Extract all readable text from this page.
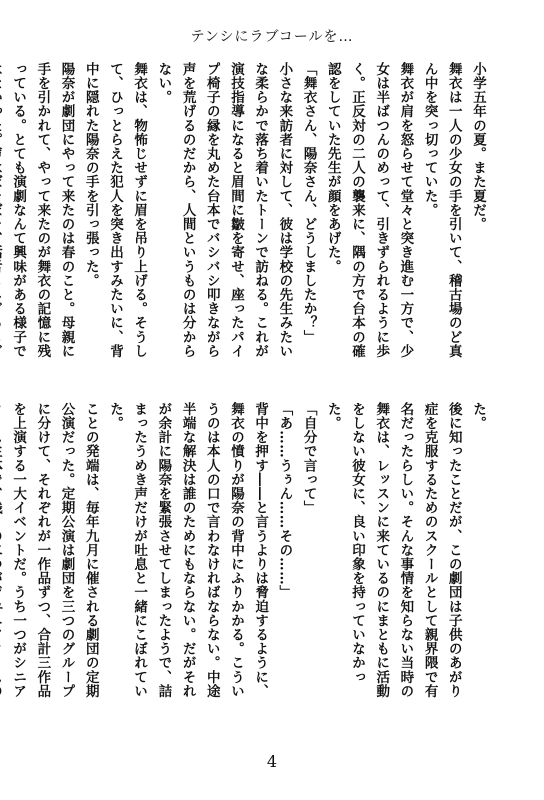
テンシにラブコールを…

小学五年の夏。また夏だ。

舞衣は一人の少女の手を引いて、稽古場のど真ん中を突っ切っていた。

舞衣が肩を怒らせて堂々と突き進む一方で、少女は半ばつんのめって、引きずられるように歩く。正反対の二人の襲来に、隅の方で台本の確認をしていた先生が顔をあげた。

「舞衣さん、陽奈さん、どうしましたか？」

小さな来訪者に対して、彼は学校の先生みたいな柔らかで落ち着いたトーンで訪ねる。これが演技指導になると眉間に皺を寄せ、座ったパイプ椅子の縁を丸めた台本でバシバシ叩きながら声を荒げるのだから、人間というものは分からない。

舞衣は、物怖じせずに眉を吊り上げる。そうして、ひっとらえた犯人を突き出すみたいに、背中に隠れた陽奈の手を引っ張った。

陽奈が劇団にやって来たのは春のこと。母親に手を引かれて、やって来たのが舞衣の記憶に残っている。とても演劇なんて興味がある様子で

た。

後に知ったことだが、この劇団は子供のあがり症を克服するためのスクールとして親界隈で有名だったらしい。そんな事情を知らない当時の舞衣は、レッスンに来ているのにまともに活動をしない彼女に、良い印象を持っていなかった。

「自分で言って」

「あ……うぅん……その……」

背中を押す――と言うよりは脅迫するように、舞衣の憤りが陽奈の背中にふりかかる。こういうのは本人の口で言わなければならない。中途半端な解決は誰のためにもならない。だがそれが余計に陽奈を緊張させてしまったようで、詰まったうめき声だけが吐息と一緒にこぼれていた。

ことの発端は、毎年九月に催される劇団の定期公演だった。定期公演は劇団を三つのグループに分けて、それぞれが一作品ずつ、合計三作品を上演する一大イベントだ。うち一つがシニア

4
